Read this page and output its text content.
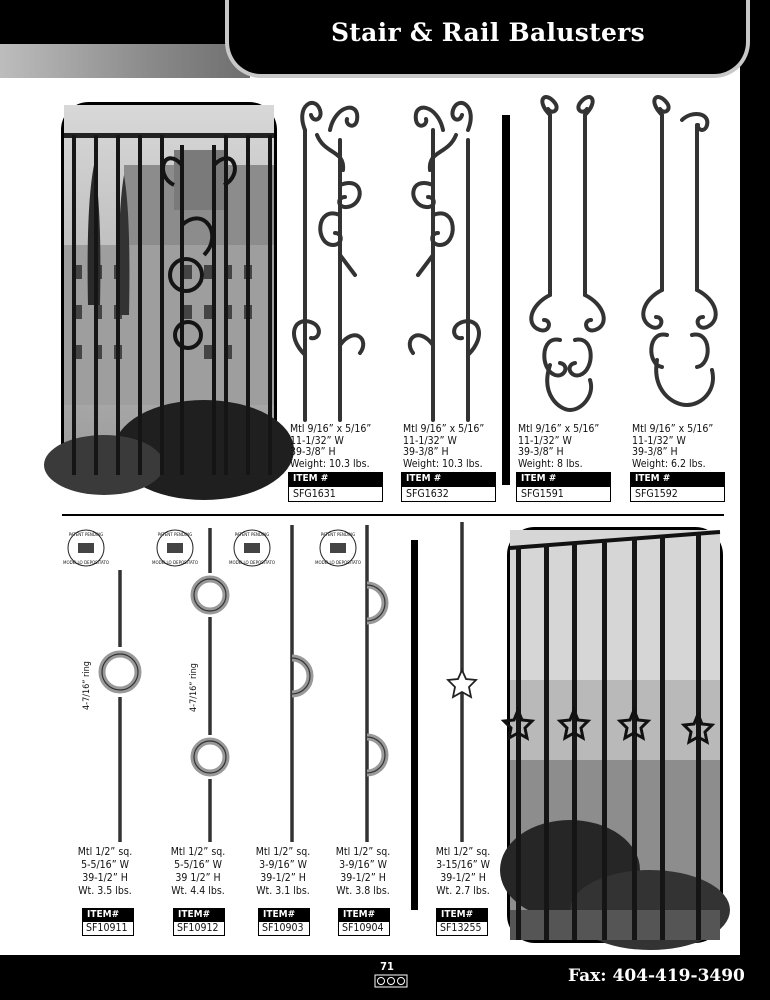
Stair & Rail Balusters
Mtl 9/16” x 5/16”
11-1/32” W
39-3/8” H
Weight: 10.3 lbs.
ITEM #
SFG1631
Mtl 9/16” x 5/16”
11-1/32” W
39-3/8” H
Weight: 10.3 lbs.
ITEM #
SFG1632
Mtl 9/16” x 5/16”
11-1/32” W
39-3/8” H
Weight: 8 lbs.
ITEM #
SFG1591
Mtl 9/16” x 5/16”
11-1/32” W
39-3/8” H
Weight: 6.2 lbs.
ITEM #
SFG1592
PATENT PENDING
MODELLO DEPOSITATO
PATENT PENDING
MODELLO DEPOSITATO
PATENT PENDING
MODELLO DEPOSITATO
PATENT PENDING
MODELLO DEPOSITATO
4-7/16” ring	4-7/16” ring
Mtl 1/2” sq.
5-5/16” W
39-1/2” H
Wt. 3.5 lbs.
ITEM#
SF10911
Mtl 1/2” sq.
5-5/16” W
39 1/2” H
Wt. 4.4 lbs.
ITEM#
SF10912
Mtl 1/2” sq.
3-9/16” W
39-1/2” H
Wt. 3.1 lbs.
ITEM#
SF10903
Mtl 1/2” sq.
3-9/16” W
39-1/2” H
Wt. 3.8 lbs.
ITEM#
SF10904
Mtl 1/2” sq.
3-15/16” W
39-1/2” H
Wt. 2.7 lbs.
ITEM#
SF13255
71	Fax: 404-419-3490
